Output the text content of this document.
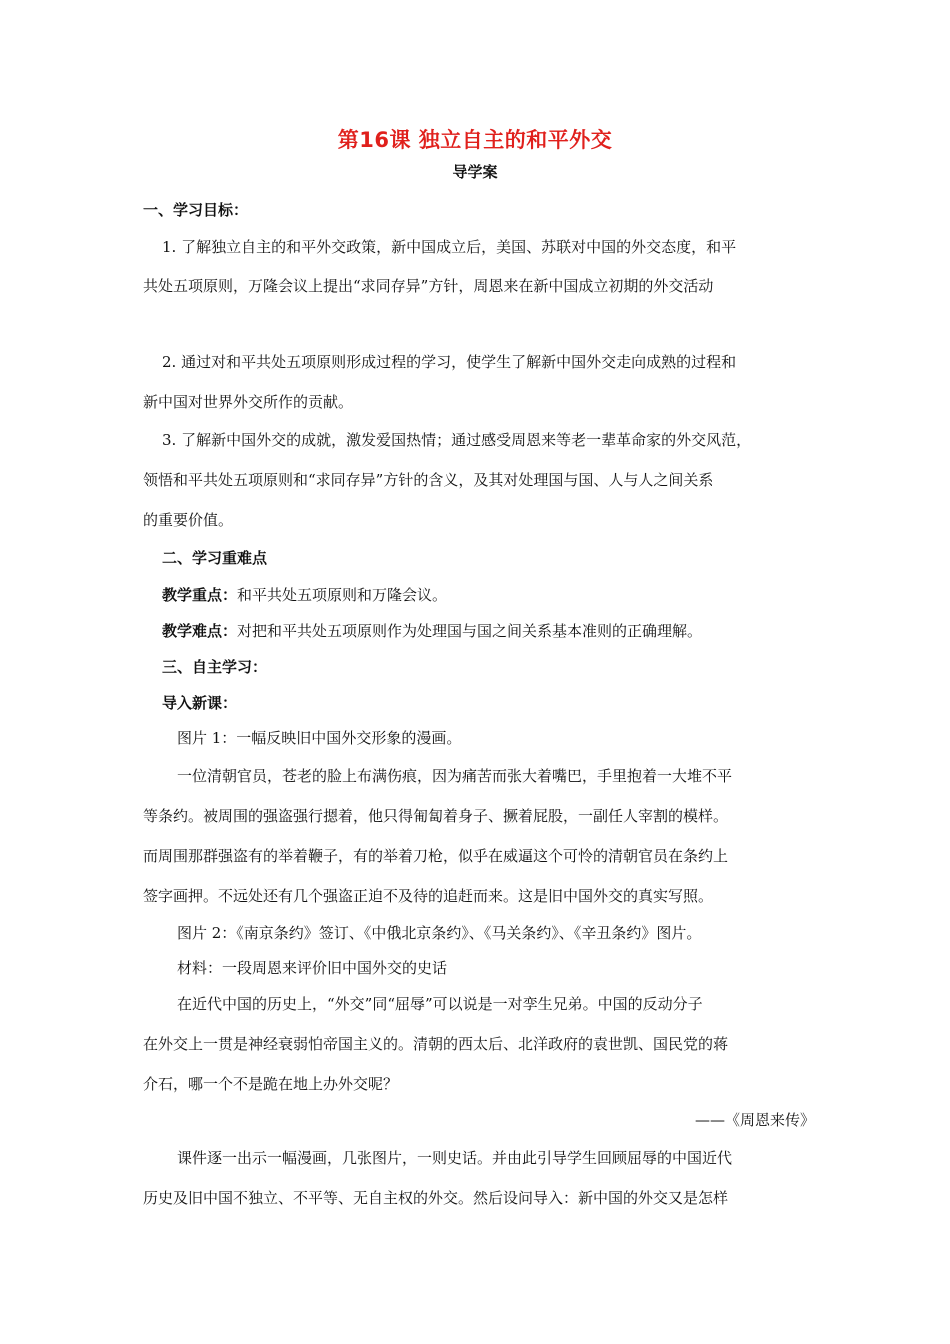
第16课 独立自主的和平外交
导学案
一、学习目标：
1. 了解独立自主的和平外交政策，新中国成立后，美国、苏联对中国的外交态度，和平
共处五项原则，万隆会议上提出“求同存异”方针，周恩来在新中国成立初期的外交活动
2. 通过对和平共处五项原则形成过程的学习，使学生了解新中国外交走向成熟的过程和
新中国对世界外交所作的贡献。
3. 了解新中国外交的成就，激发爱国热情；通过感受周恩来等老一辈革命家的外交风范，
领悟和平共处五项原则和“求同存异”方针的含义，及其对处理国与国、人与人之间关系
的重要价值。
二、学习重难点
教学重点：和平共处五项原则和万隆会议。
教学难点：对把和平共处五项原则作为处理国与国之间关系基本准则的正确理解。
三、自主学习：
导入新课：
图片 1：一幅反映旧中国外交形象的漫画。
一位清朝官员，苍老的脸上布满伤痕，因为痛苦而张大着嘴巴，手里抱着一大堆不平
等条约。被周围的强盗强行摁着，他只得匍匐着身子、撅着屁股，一副任人宰割的模样。
而周围那群强盗有的举着鞭子，有的举着刀枪，似乎在威逼这个可怜的清朝官员在条约上
签字画押。不远处还有几个强盗正迫不及待的追赶而来。这是旧中国外交的真实写照。
图片 2：《南京条约》签订、《中俄北京条约》、《马关条约》、《辛丑条约》图片。
材料：一段周恩来评价旧中国外交的史话
在近代中国的历史上，“外交”同“屈辱”可以说是一对孪生兄弟。中国的反动分子
在外交上一贯是神经衰弱怕帝国主义的。清朝的西太后、北洋政府的袁世凯、国民党的蒋
介石，哪一个不是跪在地上办外交呢？
——《周恩来传》
课件逐一出示一幅漫画，几张图片，一则史话。并由此引导学生回顾屈辱的中国近代
历史及旧中国不独立、不平等、无自主权的外交。然后设问导入：新中国的外交又是怎样
